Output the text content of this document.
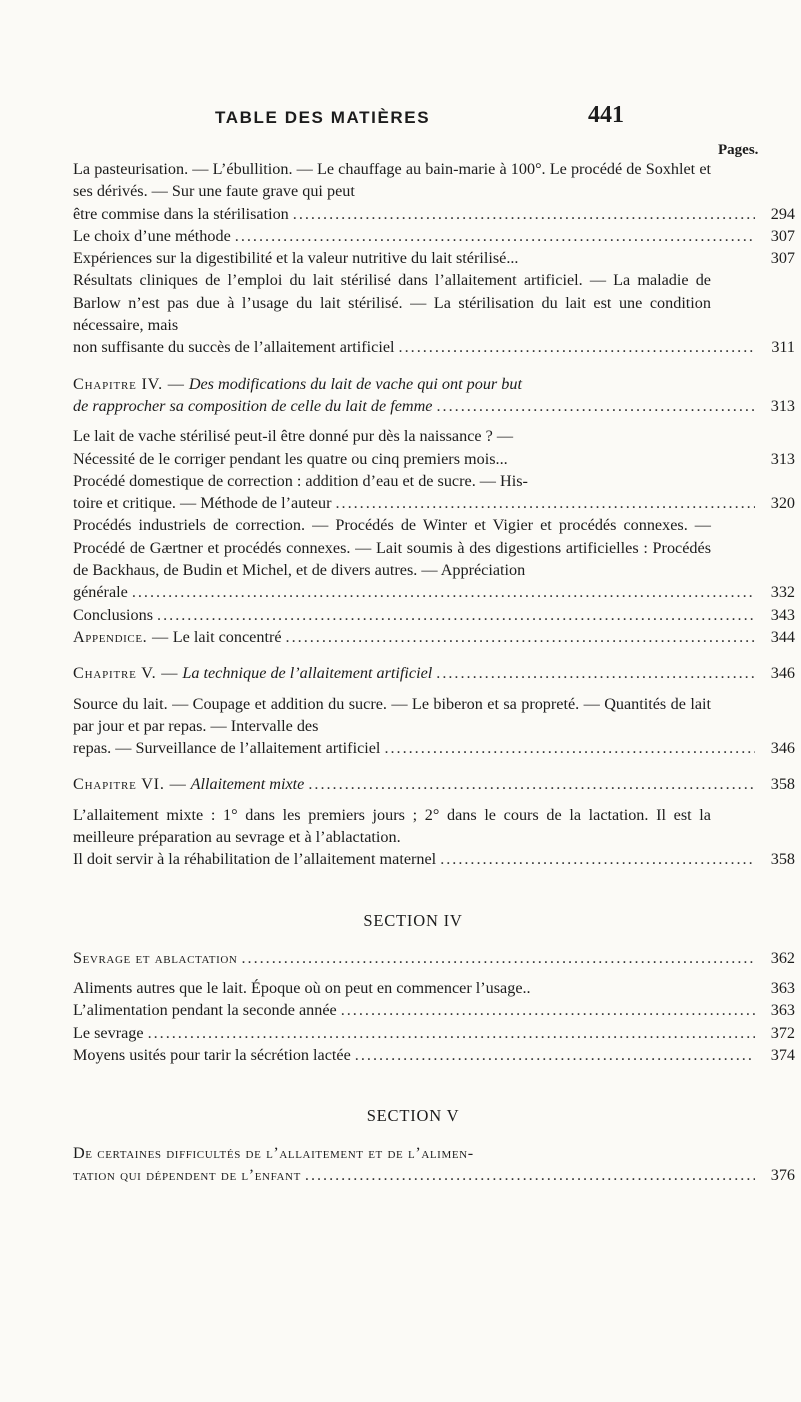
TABLE DES MATIÈRES	441
Pages.
La pasteurisation. — L’ébullition. — Le chauffage au bain-marie à 100°. Le procédé de Soxhlet et ses dérivés. — Sur une faute grave qui peut
être commise dans la stérilisation .....	294
Le choix d’une méthode .....	307
Expériences sur la digestibilité et la valeur nutritive du lait stérilisé...	307
Résultats cliniques de l’emploi du lait stérilisé dans l’allaitement artificiel. — La maladie de Barlow n’est pas due à l’usage du lait stérilisé. — La stérilisation du lait est une condition nécessaire, mais
non suffisante du succès de l’allaitement artificiel .....	311
Chapitre IV. — Des modifications du lait de vache qui ont pour but
de rapprocher sa composition de celle du lait de femme .....	313
Le lait de vache stérilisé peut-il être donné pur dès la naissance ? —
Nécessité de le corriger pendant les quatre ou cinq premiers mois...	313
Procédé domestique de correction : addition d’eau et de sucre. — His-
toire et critique. — Méthode de l’auteur .....	320
Procédés industriels de correction. — Procédés de Winter et Vigier et procédés connexes. — Procédé de Gærtner et procédés connexes. — Lait soumis à des digestions artificielles : Procédés de Backhaus, de Budin et Michel, et de divers autres. — Appréciation
générale .....	332
Conclusions .....	343
Appendice. — Le lait concentré .....	344
Chapitre V. — La technique de l’allaitement artificiel .....	346
Source du lait. — Coupage et addition du sucre. — Le biberon et sa propreté. — Quantités de lait par jour et par repas. — Intervalle des
repas. — Surveillance de l’allaitement artificiel .....	346
Chapitre VI. — Allaitement mixte .....	358
L’allaitement mixte : 1° dans les premiers jours ; 2° dans le cours de la lactation. Il est la meilleure préparation au sevrage et à l’ablactation.
Il doit servir à la réhabilitation de l’allaitement maternel .....	358
SECTION IV
Sevrage et ablactation .....	362
Aliments autres que le lait. Époque où on peut en commencer l’usage..	363
L’alimentation pendant la seconde année .....	363
Le sevrage .....	372
Moyens usités pour tarir la sécrétion lactée .....	374
SECTION V
De certaines difficultés de l’allaitement et de l’alimen-
tation qui dépendent de l’enfant .....	376
